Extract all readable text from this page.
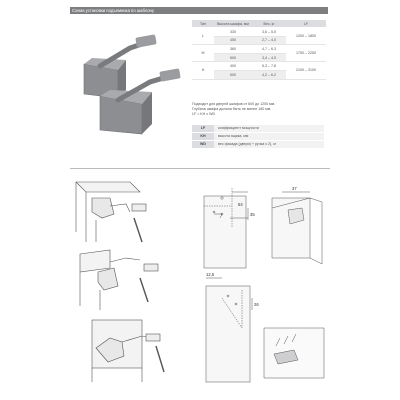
Схема установки подъемника по шаблону
Тип	Высота шкафа, мм	Вес, кг	LF
L	330	3,6 – 5,5	1200 – 1800
	450	2,7 – 4,0	
M	360	4,7 – 6,3	1700 – 2250
	500	3,4 – 4,5	
H	400	5,3 – 7,8	2100 – 3100
	500	4,2 – 6,2	
Подходит для дверей шкафов от 600 до 1200 мм.
Глубина шкафа должна быть не менее 180 мм.
LF = KH x WD
LF	коэффициент мощности
KH	высота ящика, мм
WD	вес фасада (двери) + ручка x 2), кг
64
35
37
12,5
26
